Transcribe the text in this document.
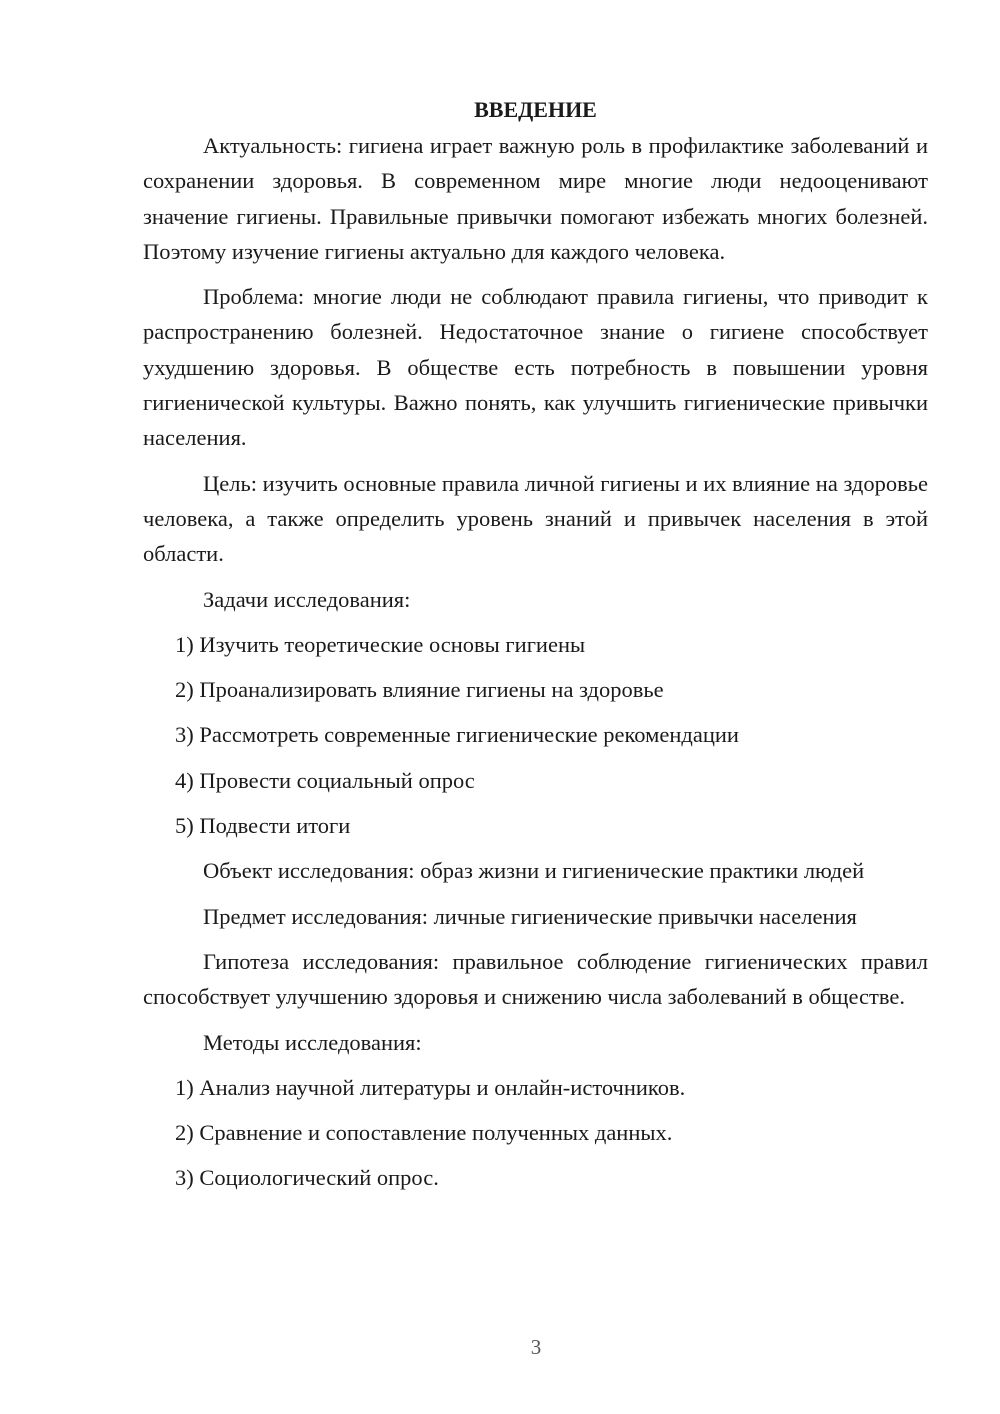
ВВЕДЕНИЕ

Актуальность: гигиена играет важную роль в профилактике заболеваний и сохранении здоровья. В современном мире многие люди недооценивают значение гигиены. Правильные привычки помогают избежать многих болезней. Поэтому изучение гигиены актуально для каждого человека.

Проблема: многие люди не соблюдают правила гигиены, что приводит к распространению болезней. Недостаточное знание о гигиене способствует ухудшению здоровья. В обществе есть потребность в повышении уровня гигиенической культуры. Важно понять, как улучшить гигиенические привычки населения.

Цель: изучить основные правила личной гигиены и их влияние на здоровье человека, а также определить уровень знаний и привычек населения в этой области.

Задачи исследования:
1) Изучить теоретические основы гигиены
2) Проанализировать влияние гигиены на здоровье
3) Рассмотреть современные гигиенические рекомендации
4) Провести социальный опрос
5) Подвести итоги

Объект исследования: образ жизни и гигиенические практики людей

Предмет исследования: личные гигиенические привычки населения

Гипотеза исследования: правильное соблюдение гигиенических правил способствует улучшению здоровья и снижению числа заболеваний в обществе.

Методы исследования:
1) Анализ научной литературы и онлайн-источников.
2) Сравнение и сопоставление полученных данных.
3) Социологический опрос.
3
